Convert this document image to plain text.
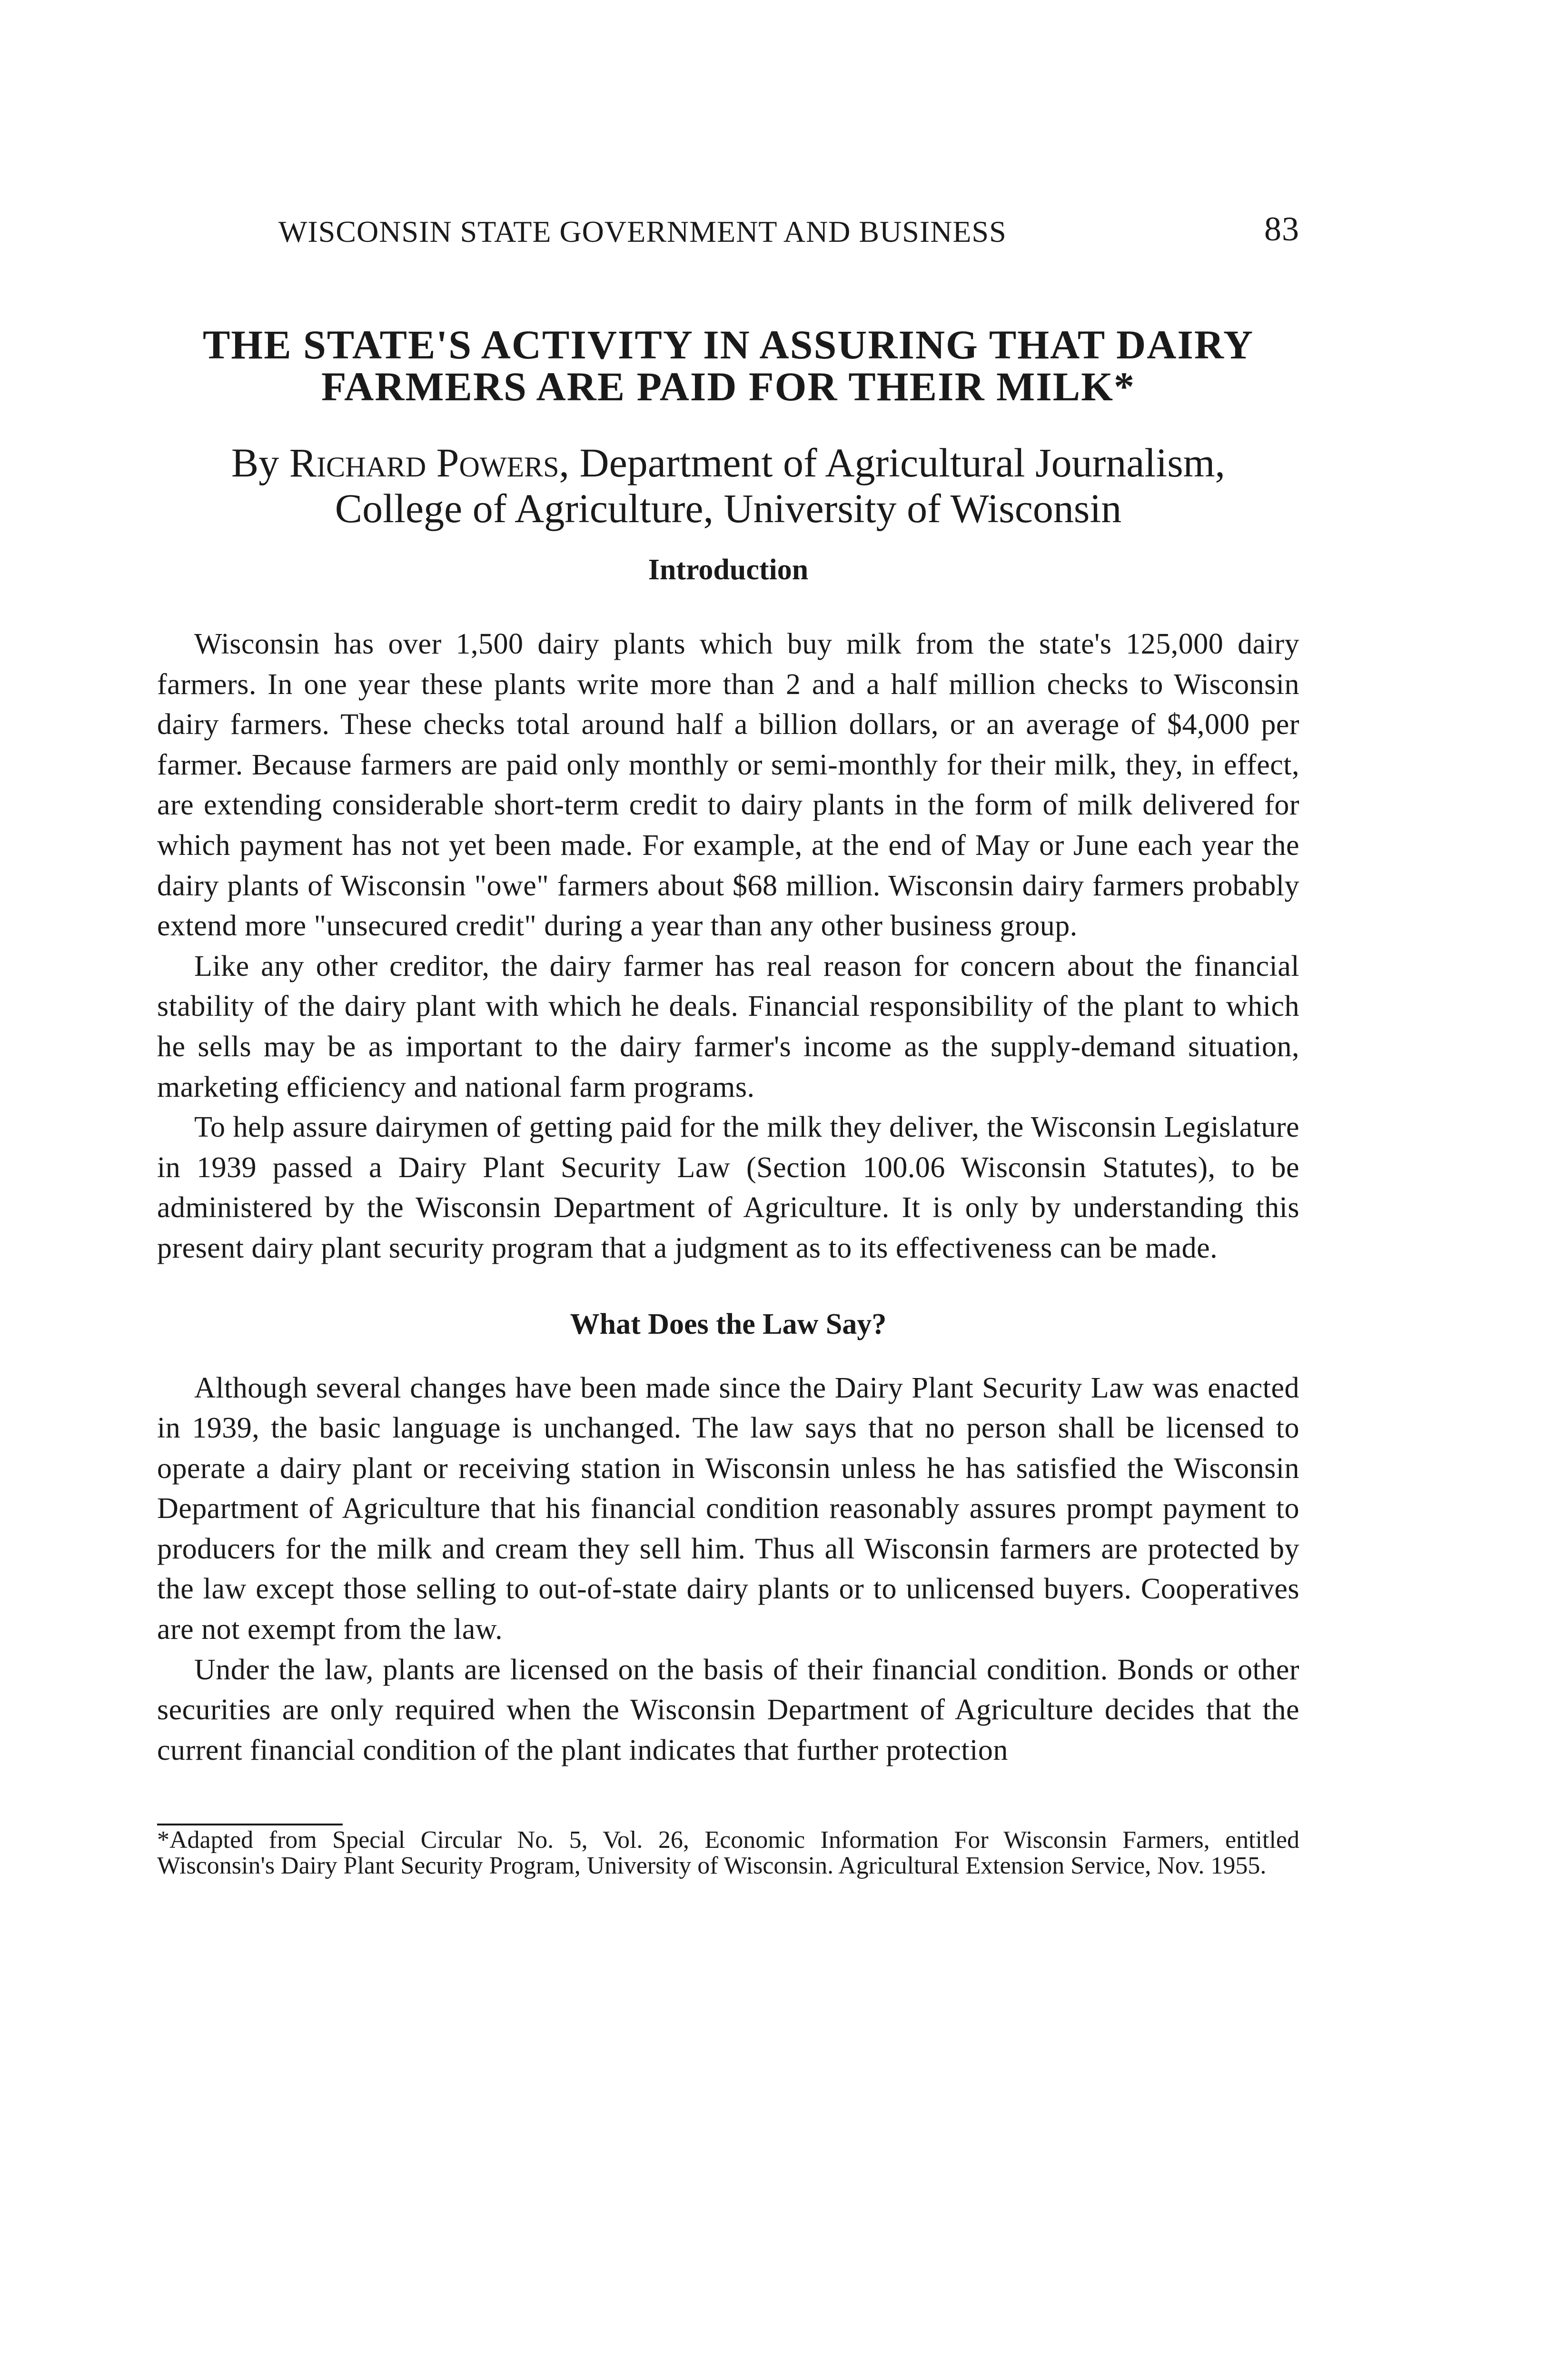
WISCONSIN STATE GOVERNMENT AND BUSINESS	83
THE STATE'S ACTIVITY IN ASSURING THAT DAIRY
FARMERS ARE PAID FOR THEIR MILK*
By Richard Powers, Department of Agricultural Journalism,
College of Agriculture, University of Wisconsin
Introduction

Wisconsin has over 1,500 dairy plants which buy milk from the state's 125,000 dairy farmers. In one year these plants write more than 2 and a half million checks to Wisconsin dairy farmers. These checks total around half a billion dollars, or an average of $4,000 per farmer. Because farmers are paid only monthly or semi-monthly for their milk, they, in effect, are extending considerable short-term credit to dairy plants in the form of milk delivered for which payment has not yet been made. For example, at the end of May or June each year the dairy plants of Wisconsin "owe" farmers about $68 million. Wisconsin dairy farmers probably extend more "unsecured credit" during a year than any other business group.

Like any other creditor, the dairy farmer has real reason for concern about the financial stability of the dairy plant with which he deals. Financial responsibility of the plant to which he sells may be as important to the dairy farmer's income as the supply-demand situation, marketing efficiency and national farm programs.

To help assure dairymen of getting paid for the milk they deliver, the Wisconsin Legislature in 1939 passed a Dairy Plant Security Law (Section 100.06 Wisconsin Statutes), to be administered by the Wisconsin Department of Agriculture. It is only by understanding this present dairy plant security program that a judgment as to its effectiveness can be made.

What Does the Law Say?

Although several changes have been made since the Dairy Plant Security Law was enacted in 1939, the basic language is unchanged. The law says that no person shall be licensed to operate a dairy plant or receiving station in Wisconsin unless he has satisfied the Wisconsin Department of Agriculture that his financial condition reasonably assures prompt payment to producers for the milk and cream they sell him. Thus all Wisconsin farmers are protected by the law except those selling to out-of-state dairy plants or to unlicensed buyers. Cooperatives are not exempt from the law.

Under the law, plants are licensed on the basis of their financial condition. Bonds or other securities are only required when the Wisconsin Department of Agriculture decides that the current financial condition of the plant indicates that further protection

*Adapted from Special Circular No. 5, Vol. 26, Economic Information For Wisconsin Farmers, entitled Wisconsin's Dairy Plant Security Program, University of Wisconsin. Agricultural Extension Service, Nov. 1955.
